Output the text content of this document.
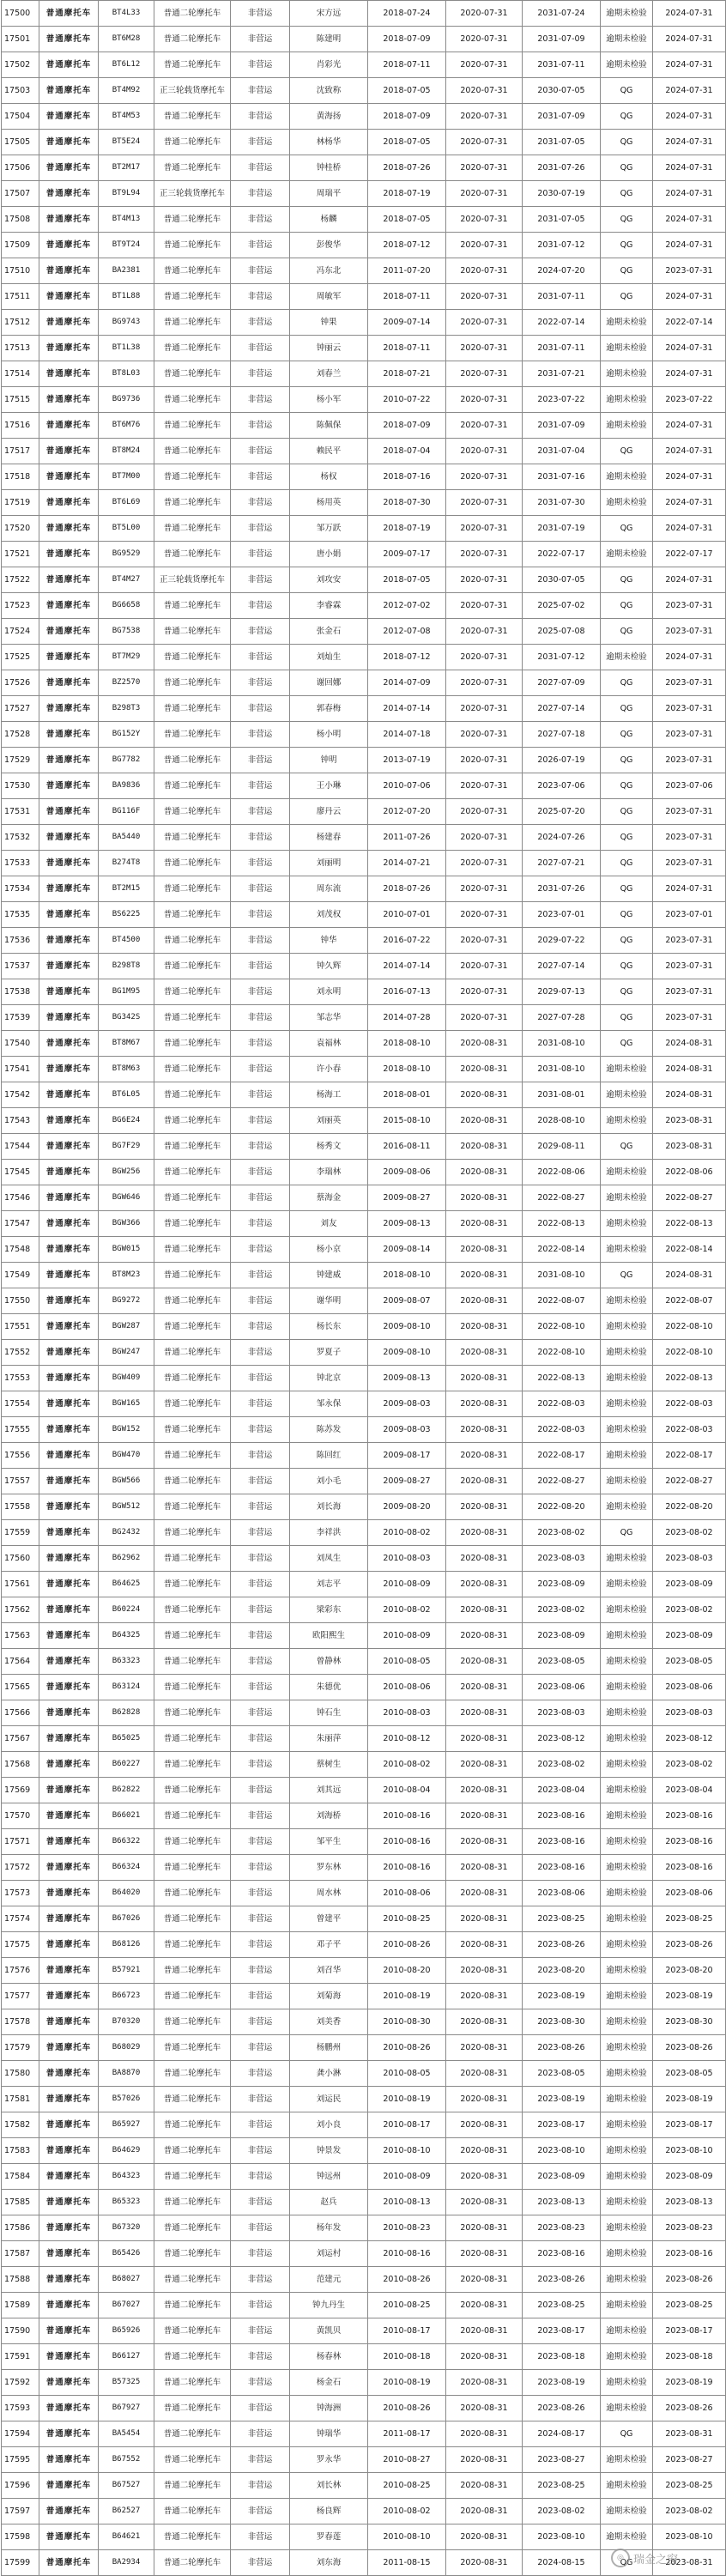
17500	普通摩托车	BT4L33	普通二轮摩托车	非营运	宋方远	2018-07-24	2020-07-31	2031-07-24	逾期未检验	2024-07-31
17501	普通摩托车	BT6M28	普通二轮摩托车	非营运	陈建明	2018-07-09	2020-07-31	2031-07-09	逾期未检验	2024-07-31
17502	普通摩托车	BT6L12	普通二轮摩托车	非营运	肖彩光	2018-07-11	2020-07-31	2031-07-11	逾期未检验	2024-07-31
17503	普通摩托车	BT4M92	正三轮载货摩托车	非营运	沈致称	2018-07-05	2020-07-31	2030-07-05	QG	2024-07-31
17504	普通摩托车	BT4M53	普通二轮摩托车	非营运	黄海扬	2018-07-09	2020-07-31	2031-07-09	QG	2024-07-31
17505	普通摩托车	BT5E24	普通二轮摩托车	非营运	林杨华	2018-07-05	2020-07-31	2031-07-05	QG	2024-07-31
17506	普通摩托车	BT2M17	普通二轮摩托车	非营运	钟桂桥	2018-07-26	2020-07-31	2031-07-26	QG	2024-07-31
17507	普通摩托车	BT9L94	正三轮载货摩托车	非营运	周瑞平	2018-07-19	2020-07-31	2030-07-19	QG	2024-07-31
17508	普通摩托车	BT4M13	普通二轮摩托车	非营运	杨麟	2018-07-05	2020-07-31	2031-07-05	QG	2024-07-31
17509	普通摩托车	BT9T24	普通二轮摩托车	非营运	彭俊华	2018-07-12	2020-07-31	2031-07-12	QG	2024-07-31
17510	普通摩托车	BA2381	普通二轮摩托车	非营运	冯东北	2011-07-20	2020-07-31	2024-07-20	QG	2023-07-31
17511	普通摩托车	BT1L88	普通二轮摩托车	非营运	周敏军	2018-07-11	2020-07-31	2031-07-11	QG	2024-07-31
17512	普通摩托车	BG9743	普通二轮摩托车	非营运	钟果	2009-07-14	2020-07-31	2022-07-14	逾期未检验	2022-07-14
17513	普通摩托车	BT1L38	普通二轮摩托车	非营运	钟丽云	2018-07-11	2020-07-31	2031-07-11	逾期未检验	2024-07-31
17514	普通摩托车	BT8L03	普通二轮摩托车	非营运	刘春兰	2018-07-21	2020-07-31	2031-07-21	逾期未检验	2024-07-31
17515	普通摩托车	BG9736	普通二轮摩托车	非营运	杨小军	2010-07-22	2020-07-31	2023-07-22	逾期未检验	2023-07-22
17516	普通摩托车	BT6M76	普通二轮摩托车	非营运	陈佩保	2018-07-09	2020-07-31	2031-07-09	逾期未检验	2024-07-31
17517	普通摩托车	BT8M24	普通二轮摩托车	非营运	赖民平	2018-07-04	2020-07-31	2031-07-04	QG	2024-07-31
17518	普通摩托车	BT7M00	普通二轮摩托车	非营运	杨权	2018-07-16	2020-07-31	2031-07-16	逾期未检验	2024-07-31
17519	普通摩托车	BT6L69	普通二轮摩托车	非营运	杨用英	2018-07-30	2020-07-31	2031-07-30	逾期未检验	2024-07-31
17520	普通摩托车	BT5L00	普通二轮摩托车	非营运	邹万跃	2018-07-19	2020-07-31	2031-07-19	QG	2024-07-31
17521	普通摩托车	BG9529	普通二轮摩托车	非营运	唐小娟	2009-07-17	2020-07-31	2022-07-17	逾期未检验	2022-07-17
17522	普通摩托车	BT4M27	正三轮载货摩托车	非营运	刘攻安	2018-07-05	2020-07-31	2030-07-05	QG	2024-07-31
17523	普通摩托车	BG6658	普通二轮摩托车	非营运	李睿霖	2012-07-02	2020-07-31	2025-07-02	QG	2023-07-31
17524	普通摩托车	BG7538	普通二轮摩托车	非营运	张金石	2012-07-08	2020-07-31	2025-07-08	QG	2023-07-31
17525	普通摩托车	BT7M29	普通二轮摩托车	非营运	刘灿生	2018-07-12	2020-07-31	2031-07-12	逾期未检验	2024-07-31
17526	普通摩托车	BZ2570	普通二轮摩托车	非营运	谢回娜	2014-07-09	2020-07-31	2027-07-09	QG	2023-07-31
17527	普通摩托车	B298T3	普通二轮摩托车	非营运	郭春梅	2014-07-14	2020-07-31	2027-07-14	QG	2023-07-31
17528	普通摩托车	BG152Y	普通二轮摩托车	非营运	杨小明	2014-07-18	2020-07-31	2027-07-18	QG	2023-07-31
17529	普通摩托车	BG7782	普通二轮摩托车	非营运	钟明	2013-07-19	2020-07-31	2026-07-19	QG	2023-07-31
17530	普通摩托车	BA9836	普通二轮摩托车	非营运	王小琳	2010-07-06	2020-07-31	2023-07-06	QG	2023-07-06
17531	普通摩托车	BG116F	普通二轮摩托车	非营运	廖丹云	2012-07-20	2020-07-31	2025-07-20	QG	2023-07-31
17532	普通摩托车	BA5440	普通二轮摩托车	非营运	杨建春	2011-07-26	2020-07-31	2024-07-26	QG	2023-07-31
17533	普通摩托车	B274T8	普通二轮摩托车	非营运	刘丽明	2014-07-21	2020-07-31	2027-07-21	QG	2023-07-31
17534	普通摩托车	BT2M15	普通二轮摩托车	非营运	周东流	2018-07-26	2020-07-31	2031-07-26	QG	2024-07-31
17535	普通摩托车	BS6225	普通二轮摩托车	非营运	刘茂权	2010-07-01	2020-07-31	2023-07-01	QG	2023-07-01
17536	普通摩托车	BT4500	普通二轮摩托车	非营运	钟华	2016-07-22	2020-07-31	2029-07-22	QG	2023-07-31
17537	普通摩托车	B298T8	普通二轮摩托车	非营运	钟久辉	2014-07-14	2020-07-31	2027-07-14	QG	2023-07-31
17538	普通摩托车	BG1M95	普通二轮摩托车	非营运	刘永明	2016-07-13	2020-07-31	2029-07-13	QG	2023-07-31
17539	普通摩托车	BG342S	普通二轮摩托车	非营运	邹志华	2014-07-28	2020-07-31	2027-07-28	QG	2023-07-31
17540	普通摩托车	BT8M67	普通二轮摩托车	非营运	袁福林	2018-08-10	2020-08-31	2031-08-10	QG	2024-08-31
17541	普通摩托车	BT8M63	普通二轮摩托车	非营运	许小春	2018-08-10	2020-08-31	2031-08-10	逾期未检验	2024-08-31
17542	普通摩托车	BT6L05	普通二轮摩托车	非营运	杨海工	2018-08-01	2020-08-31	2031-08-01	逾期未检验	2024-08-31
17543	普通摩托车	BG6E24	普通二轮摩托车	非营运	刘丽英	2015-08-10	2020-08-31	2028-08-10	逾期未检验	2023-08-31
17544	普通摩托车	BG7F29	普通二轮摩托车	非营运	杨秀文	2016-08-11	2020-08-31	2029-08-11	QG	2023-08-31
17545	普通摩托车	BGW256	普通二轮摩托车	非营运	李瑞林	2009-08-06	2020-08-31	2022-08-06	逾期未检验	2022-08-06
17546	普通摩托车	BGW646	普通二轮摩托车	非营运	蔡海金	2009-08-27	2020-08-31	2022-08-27	逾期未检验	2022-08-27
17547	普通摩托车	BGW366	普通二轮摩托车	非营运	刘友	2009-08-13	2020-08-31	2022-08-13	逾期未检验	2022-08-13
17548	普通摩托车	BGW015	普通二轮摩托车	非营运	杨小京	2009-08-14	2020-08-31	2022-08-14	逾期未检验	2022-08-14
17549	普通摩托车	BT8M23	普通二轮摩托车	非营运	钟建威	2018-08-10	2020-08-31	2031-08-10	QG	2024-08-31
17550	普通摩托车	BG9272	普通二轮摩托车	非营运	谢华明	2009-08-07	2020-08-31	2022-08-07	逾期未检验	2022-08-07
17551	普通摩托车	BGW287	普通二轮摩托车	非营运	杨长东	2009-08-10	2020-08-31	2022-08-10	逾期未检验	2022-08-10
17552	普通摩托车	BGW247	普通二轮摩托车	非营运	罗夏子	2009-08-10	2020-08-31	2022-08-10	逾期未检验	2022-08-10
17553	普通摩托车	BGW409	普通二轮摩托车	非营运	钟北京	2009-08-13	2020-08-31	2022-08-13	逾期未检验	2022-08-13
17554	普通摩托车	BGW165	普通二轮摩托车	非营运	邹永保	2009-08-03	2020-08-31	2022-08-03	逾期未检验	2022-08-03
17555	普通摩托车	BGW152	普通二轮摩托车	非营运	陈苏发	2009-08-03	2020-08-31	2022-08-03	逾期未检验	2022-08-03
17556	普通摩托车	BGW470	普通二轮摩托车	非营运	陈回红	2009-08-17	2020-08-31	2022-08-17	逾期未检验	2022-08-17
17557	普通摩托车	BGW566	普通二轮摩托车	非营运	刘小毛	2009-08-27	2020-08-31	2022-08-27	逾期未检验	2022-08-27
17558	普通摩托车	BGW512	普通二轮摩托车	非营运	刘长海	2009-08-20	2020-08-31	2022-08-20	逾期未检验	2022-08-20
17559	普通摩托车	BG2432	普通二轮摩托车	非营运	李祥洪	2010-08-02	2020-08-31	2023-08-02	QG	2023-08-02
17560	普通摩托车	B62962	普通二轮摩托车	非营运	刘凤生	2010-08-03	2020-08-31	2023-08-03	逾期未检验	2023-08-03
17561	普通摩托车	B64625	普通二轮摩托车	非营运	刘志平	2010-08-09	2020-08-31	2023-08-09	逾期未检验	2023-08-09
17562	普通摩托车	B60224	普通二轮摩托车	非营运	梁彩东	2010-08-02	2020-08-31	2023-08-02	逾期未检验	2023-08-02
17563	普通摩托车	B64325	普通二轮摩托车	非营运	欧阳熙生	2010-08-09	2020-08-31	2023-08-09	逾期未检验	2023-08-09
17564	普通摩托车	B63323	普通二轮摩托车	非营运	曾静林	2010-08-05	2020-08-31	2023-08-05	逾期未检验	2023-08-05
17565	普通摩托车	B63124	普通二轮摩托车	非营运	朱德优	2010-08-06	2020-08-31	2023-08-06	逾期未检验	2023-08-06
17566	普通摩托车	B62828	普通二轮摩托车	非营运	钟石生	2010-08-03	2020-08-31	2023-08-03	逾期未检验	2023-08-03
17567	普通摩托车	B65025	普通二轮摩托车	非营运	朱丽萍	2010-08-12	2020-08-31	2023-08-12	逾期未检验	2023-08-12
17568	普通摩托车	B60227	普通二轮摩托车	非营运	蔡树生	2010-08-02	2020-08-31	2023-08-02	逾期未检验	2023-08-02
17569	普通摩托车	B62822	普通二轮摩托车	非营运	刘其远	2010-08-04	2020-08-31	2023-08-04	逾期未检验	2023-08-04
17570	普通摩托车	B66021	普通二轮摩托车	非营运	刘海桥	2010-08-16	2020-08-31	2023-08-16	逾期未检验	2023-08-16
17571	普通摩托车	B66322	普通二轮摩托车	非营运	邹平生	2010-08-16	2020-08-31	2023-08-16	逾期未检验	2023-08-16
17572	普通摩托车	B66324	普通二轮摩托车	非营运	罗东林	2010-08-16	2020-08-31	2023-08-16	逾期未检验	2023-08-16
17573	普通摩托车	B64020	普通二轮摩托车	非营运	周水林	2010-08-06	2020-08-31	2023-08-06	逾期未检验	2023-08-06
17574	普通摩托车	B67026	普通二轮摩托车	非营运	曾建平	2010-08-25	2020-08-31	2023-08-25	逾期未检验	2023-08-25
17575	普通摩托车	B68126	普通二轮摩托车	非营运	邓子平	2010-08-26	2020-08-31	2023-08-26	逾期未检验	2023-08-26
17576	普通摩托车	B57921	普通二轮摩托车	非营运	刘召华	2010-08-20	2020-08-31	2023-08-20	逾期未检验	2023-08-20
17577	普通摩托车	B66723	普通二轮摩托车	非营运	刘菊海	2010-08-19	2020-08-31	2023-08-19	逾期未检验	2023-08-19
17578	普通摩托车	B70320	普通二轮摩托车	非营运	刘美香	2010-08-30	2020-08-31	2023-08-30	逾期未检验	2023-08-30
17579	普通摩托车	B68029	普通二轮摩托车	非营运	杨鹏州	2010-08-26	2020-08-31	2023-08-26	逾期未检验	2023-08-26
17580	普通摩托车	BA8870	普通二轮摩托车	非营运	龚小淋	2010-08-05	2020-08-31	2023-08-05	逾期未检验	2023-08-05
17581	普通摩托车	B57026	普通二轮摩托车	非营运	刘运民	2010-08-19	2020-08-31	2023-08-19	逾期未检验	2023-08-19
17582	普通摩托车	B65927	普通二轮摩托车	非营运	刘小良	2010-08-17	2020-08-31	2023-08-17	逾期未检验	2023-08-17
17583	普通摩托车	B64629	普通二轮摩托车	非营运	钟景发	2010-08-10	2020-08-31	2023-08-10	逾期未检验	2023-08-10
17584	普通摩托车	B64323	普通二轮摩托车	非营运	钟远州	2010-08-09	2020-08-31	2023-08-09	逾期未检验	2023-08-09
17585	普通摩托车	B65323	普通二轮摩托车	非营运	赵兵	2010-08-13	2020-08-31	2023-08-13	逾期未检验	2023-08-13
17586	普通摩托车	B67320	普通二轮摩托车	非营运	杨年发	2010-08-23	2020-08-31	2023-08-23	逾期未检验	2023-08-23
17587	普通摩托车	B65426	普通二轮摩托车	非营运	刘运村	2010-08-16	2020-08-31	2023-08-16	逾期未检验	2023-08-16
17588	普通摩托车	B68027	普通二轮摩托车	非营运	范建元	2010-08-26	2020-08-31	2023-08-26	逾期未检验	2023-08-26
17589	普通摩托车	B67027	普通二轮摩托车	非营运	钟九丹生	2010-08-25	2020-08-31	2023-08-25	逾期未检验	2023-08-25
17590	普通摩托车	B65926	普通二轮摩托车	非营运	黄凯贝	2010-08-17	2020-08-31	2023-08-17	逾期未检验	2023-08-17
17591	普通摩托车	B66127	普通二轮摩托车	非营运	杨春林	2010-08-18	2020-08-31	2023-08-18	逾期未检验	2023-08-18
17592	普通摩托车	B57325	普通二轮摩托车	非营运	杨金石	2010-08-19	2020-08-31	2023-08-19	逾期未检验	2023-08-19
17593	普通摩托车	B67927	普通二轮摩托车	非营运	钟海洲	2010-08-26	2020-08-31	2023-08-26	逾期未检验	2023-08-26
17594	普通摩托车	BA5454	普通二轮摩托车	非营运	钟瑞华	2011-08-17	2020-08-31	2024-08-17	QG	2023-08-31
17595	普通摩托车	B67552	普通二轮摩托车	非营运	罗永华	2010-08-27	2020-08-31	2023-08-27	逾期未检验	2023-08-27
17596	普通摩托车	B67527	普通二轮摩托车	非营运	刘长林	2010-08-25	2020-08-31	2023-08-25	逾期未检验	2023-08-25
17597	普通摩托车	B62527	普通二轮摩托车	非营运	杨良辉	2010-08-02	2020-08-31	2023-08-02	逾期未检验	2023-08-02
17598	普通摩托车	B64621	普通二轮摩托车	非营运	罗春莲	2010-08-10	2020-08-31	2023-08-10	逾期未检验	2023-08-10
17599	普通摩托车	BA2934	普通二轮摩托车	非营运	刘东海	2011-08-15	2020-08-31	2024-08-15	QG	2023-08-31
◎ 瑞金之窗
